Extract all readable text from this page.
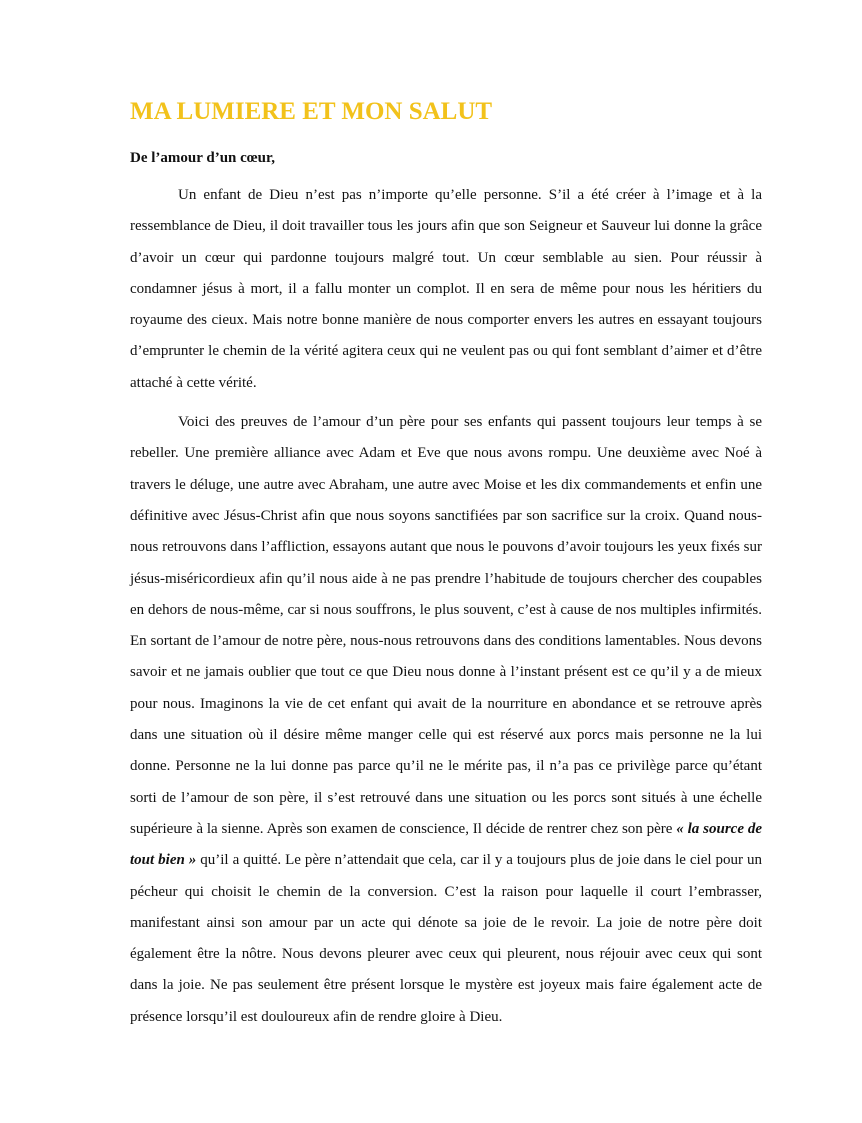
MA LUMIERE ET MON SALUT

De l’amour d’un cœur,

Un enfant de Dieu n’est pas n’importe qu’elle personne. S’il a été créer à l’image et à la ressemblance de Dieu, il doit travailler tous les jours afin que son Seigneur et Sauveur lui donne la grâce d’avoir un cœur qui pardonne toujours malgré tout. Un cœur semblable au sien. Pour réussir à condamner jésus à mort, il a fallu monter un complot. Il en sera de même pour nous les héritiers du royaume des cieux. Mais notre bonne manière de nous comporter envers les autres en essayant toujours d’emprunter le chemin de la vérité agitera ceux qui ne veulent pas ou qui font semblant d’aimer et d’être attaché à cette vérité.

Voici des preuves de l’amour d’un père pour ses enfants qui passent toujours leur temps à se rebeller. Une première alliance avec Adam et Eve que nous avons rompu. Une deuxième avec Noé à travers le déluge, une autre avec Abraham, une autre avec Moise et les dix commandements et enfin une définitive avec Jésus-Christ afin que nous soyons sanctifiées par son sacrifice sur la croix. Quand nous-nous retrouvons dans l’affliction, essayons autant que nous le pouvons d’avoir toujours les yeux fixés sur jésus-miséricordieux afin qu’il nous aide à ne pas prendre l’habitude de toujours chercher des coupables en dehors de nous-même, car si nous souffrons, le plus souvent, c’est à cause de nos multiples infirmités. En sortant de l’amour de notre père, nous-nous retrouvons dans des conditions lamentables. Nous devons savoir et ne jamais oublier que tout ce que Dieu nous donne à l’instant présent est ce qu’il y a de mieux pour nous. Imaginons la vie de cet enfant qui avait de la nourriture en abondance et se retrouve après dans une situation où il désire même manger celle qui est réservé aux porcs mais personne ne la lui donne. Personne ne la lui donne pas parce qu’il ne le mérite pas, il n’a pas ce privilège parce qu’étant sorti de l’amour de son père, il s’est retrouvé dans une situation ou les porcs sont situés à une échelle supérieure à la sienne. Après son examen de conscience, Il décide de rentrer chez son père « la source de tout bien » qu’il a quitté. Le père n’attendait que cela, car il y a toujours plus de joie dans le ciel pour un pécheur qui choisit le chemin de la conversion. C’est la raison pour laquelle il court l’embrasser, manifestant ainsi son amour par un acte qui dénote sa joie de le revoir. La joie de notre père doit également être la nôtre. Nous devons pleurer avec ceux qui pleurent, nous réjouir avec ceux qui sont dans la joie. Ne pas seulement être présent lorsque le mystère est joyeux mais faire également acte de présence lorsqu’il est douloureux afin de rendre gloire à Dieu.
